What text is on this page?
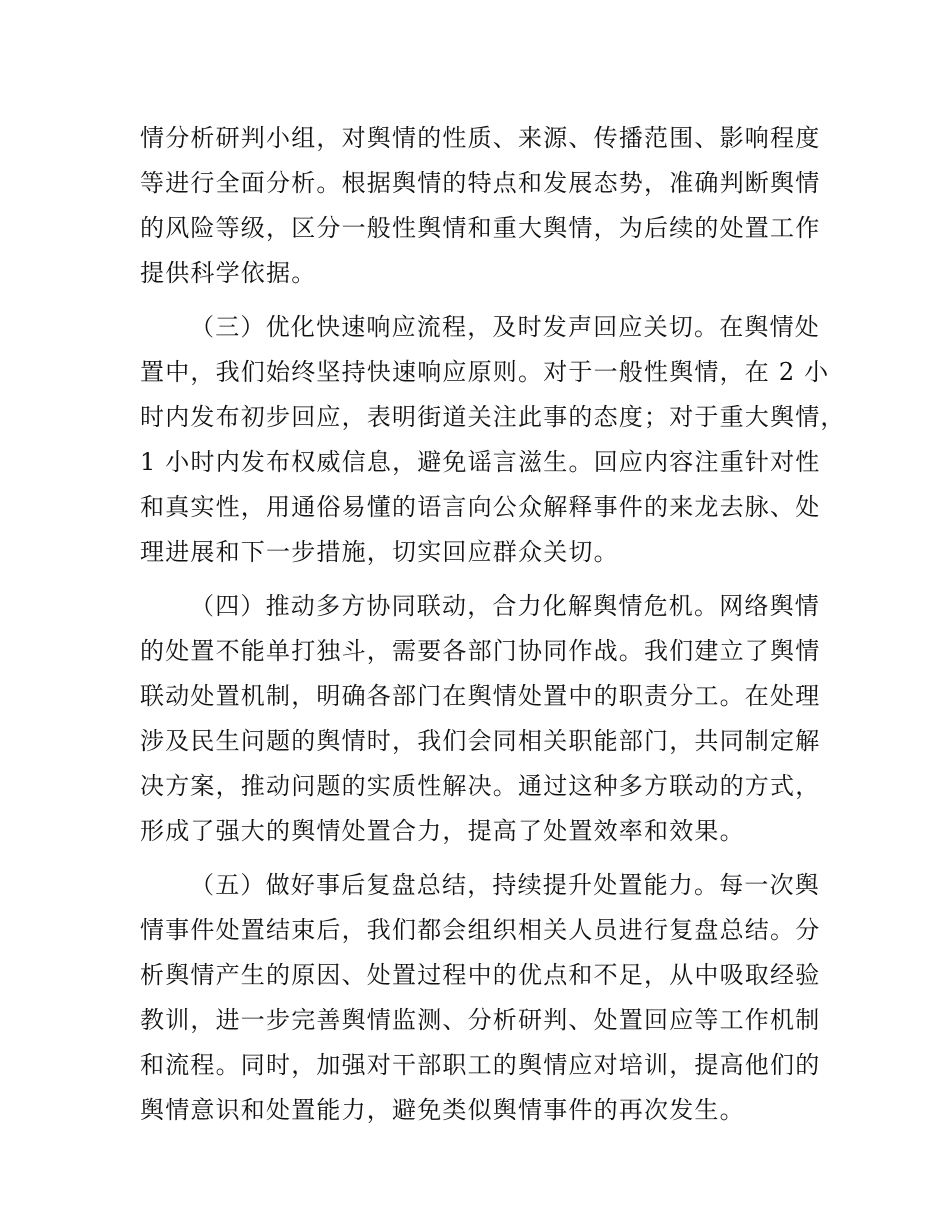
情分析研判小组，对舆情的性质、来源、传播范围、影响程度
等进行全面分析。根据舆情的特点和发展态势，准确判断舆情
的风险等级，区分一般性舆情和重大舆情，为后续的处置工作
提供科学依据。

（三）优化快速响应流程，及时发声回应关切。在舆情处
置中，我们始终坚持快速响应原则。对于一般性舆情，在 2 小
时内发布初步回应，表明街道关注此事的态度；对于重大舆情，
1 小时内发布权威信息，避免谣言滋生。回应内容注重针对性
和真实性，用通俗易懂的语言向公众解释事件的来龙去脉、处
理进展和下一步措施，切实回应群众关切。

（四）推动多方协同联动，合力化解舆情危机。网络舆情
的处置不能单打独斗，需要各部门协同作战。我们建立了舆情
联动处置机制，明确各部门在舆情处置中的职责分工。在处理
涉及民生问题的舆情时，我们会同相关职能部门，共同制定解
决方案，推动问题的实质性解决。通过这种多方联动的方式，
形成了强大的舆情处置合力，提高了处置效率和效果。

（五）做好事后复盘总结，持续提升处置能力。每一次舆
情事件处置结束后，我们都会组织相关人员进行复盘总结。分
析舆情产生的原因、处置过程中的优点和不足，从中吸取经验
教训，进一步完善舆情监测、分析研判、处置回应等工作机制
和流程。同时，加强对干部职工的舆情应对培训，提高他们的
舆情意识和处置能力，避免类似舆情事件的再次发生。
